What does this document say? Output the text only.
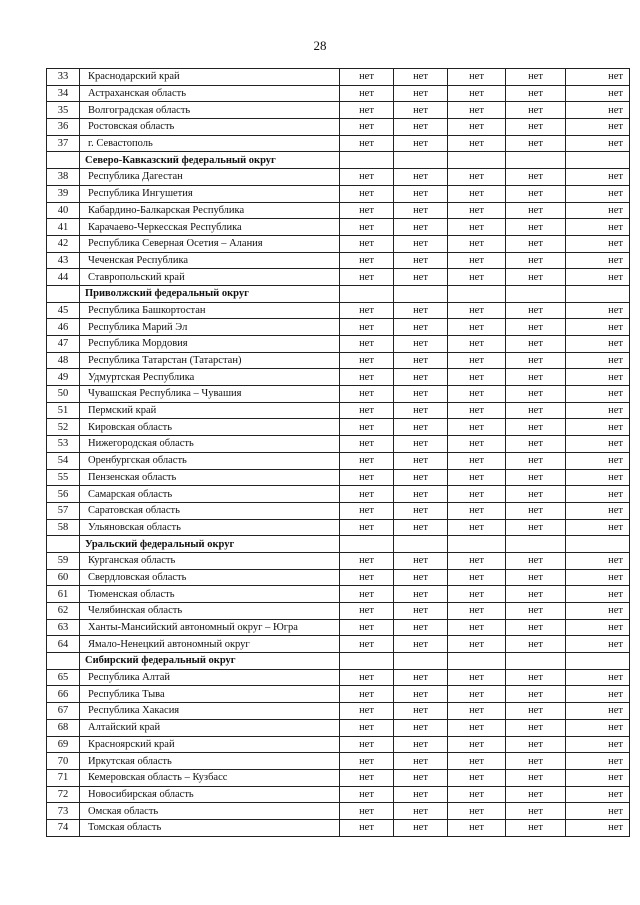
28
33	Краснодарский край	нет	нет	нет	нет	нет
34	Астраханская область	нет	нет	нет	нет	нет
35	Волгоградская область	нет	нет	нет	нет	нет
36	Ростовская область	нет	нет	нет	нет	нет
37	г. Севастополь	нет	нет	нет	нет	нет
	Северо-Кавказский федеральный округ					
38	Республика Дагестан	нет	нет	нет	нет	нет
39	Республика Ингушетия	нет	нет	нет	нет	нет
40	Кабардино-Балкарская Республика	нет	нет	нет	нет	нет
41	Карачаево-Черкесская Республика	нет	нет	нет	нет	нет
42	Республика Северная Осетия – Алания	нет	нет	нет	нет	нет
43	Чеченская Республика	нет	нет	нет	нет	нет
44	Ставропольский край	нет	нет	нет	нет	нет
	Приволжский федеральный округ					
45	Республика Башкортостан	нет	нет	нет	нет	нет
46	Республика Марий Эл	нет	нет	нет	нет	нет
47	Республика Мордовия	нет	нет	нет	нет	нет
48	Республика Татарстан (Татарстан)	нет	нет	нет	нет	нет
49	Удмуртская Республика	нет	нет	нет	нет	нет
50	Чувашская Республика – Чувашия	нет	нет	нет	нет	нет
51	Пермский край	нет	нет	нет	нет	нет
52	Кировская область	нет	нет	нет	нет	нет
53	Нижегородская область	нет	нет	нет	нет	нет
54	Оренбургская область	нет	нет	нет	нет	нет
55	Пензенская область	нет	нет	нет	нет	нет
56	Самарская область	нет	нет	нет	нет	нет
57	Саратовская область	нет	нет	нет	нет	нет
58	Ульяновская область	нет	нет	нет	нет	нет
	Уральский федеральный округ					
59	Курганская область	нет	нет	нет	нет	нет
60	Свердловская область	нет	нет	нет	нет	нет
61	Тюменская область	нет	нет	нет	нет	нет
62	Челябинская область	нет	нет	нет	нет	нет
63	Ханты-Мансийский автономный округ – Югра	нет	нет	нет	нет	нет
64	Ямало-Ненецкий автономный округ	нет	нет	нет	нет	нет
	Сибирский федеральный округ					
65	Республика Алтай	нет	нет	нет	нет	нет
66	Республика Тыва	нет	нет	нет	нет	нет
67	Республика Хакасия	нет	нет	нет	нет	нет
68	Алтайский край	нет	нет	нет	нет	нет
69	Красноярский край	нет	нет	нет	нет	нет
70	Иркутская область	нет	нет	нет	нет	нет
71	Кемеровская область – Кузбасс	нет	нет	нет	нет	нет
72	Новосибирская область	нет	нет	нет	нет	нет
73	Омская область	нет	нет	нет	нет	нет
74	Томская область	нет	нет	нет	нет	нет
